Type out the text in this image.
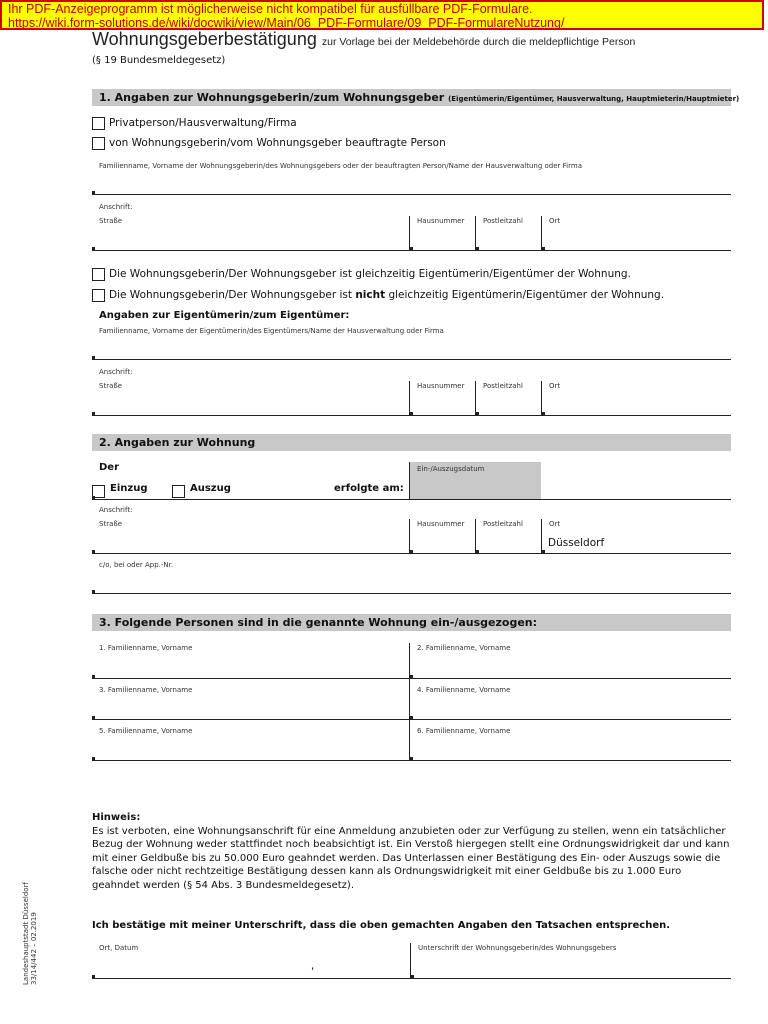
Ihr PDF-Anzeigeprogramm ist möglicherweise nicht kompatibel für ausfüllbare PDF-Formulare.
https://wiki.form-solutions.de/wiki/docwiki/view/Main/06_PDF-Formulare/09_PDF-FormulareNutzung/
Wohnungsgeberbestätigung zur Vorlage bei der Meldebehörde durch die meldepflichtige Person
(§ 19 Bundesmeldegesetz)
1. Angaben zur Wohnungsgeberin/zum Wohnungsgeber (Eigentümerin/Eigentümer, Hausverwaltung, Hauptmieterin/Hauptmieter)
Privatperson/Hausverwaltung/Firma
von Wohnungsgeberin/vom Wohnungsgeber beauftragte Person
Familienname, Vorname der Wohnungsgeberin/des Wohnungsgebers oder der beauftragten Person/Name der Hausverwaltung oder Firma
Anschrift:
Straße	Hausnummer	Postleitzahl	Ort
Die Wohnungsgeberin/Der Wohnungsgeber ist gleichzeitig Eigentümerin/Eigentümer der Wohnung.
Die Wohnungsgeberin/Der Wohnungsgeber ist nicht gleichzeitig Eigentümerin/Eigentümer der Wohnung.
Angaben zur Eigentümerin/zum Eigentümer:
Familienname, Vorname der Eigentümerin/des Eigentümers/Name der Hausverwaltung oder Firma
Anschrift:
Straße	Hausnummer	Postleitzahl	Ort
2. Angaben zur Wohnung
Der
Einzug	Auszug	erfolgte am:
Ein-/Auszugsdatum
Anschrift:
Straße	Hausnummer	Postleitzahl	Ort
Düsseldorf
c/o, bei oder App.-Nr.
3. Folgende Personen sind in die genannte Wohnung ein-/ausgezogen:
1. Familienname, Vorname	2. Familienname, Vorname
3. Familienname, Vorname	4. Familienname, Vorname
5. Familienname, Vorname	6. Familienname, Vorname
Hinweis:
Es ist verboten, eine Wohnungsanschrift für eine Anmeldung anzubieten oder zur Verfügung zu stellen, wenn ein tatsächlicher Bezug der Wohnung weder stattfindet noch beabsichtigt ist. Ein Verstoß hiergegen stellt eine Ordnungswidrigkeit dar und kann mit einer Geldbuße bis zu 50.000 Euro geahndet werden. Das Unterlassen einer Bestätigung des Ein- oder Auszugs sowie die falsche oder nicht rechtzeitige Bestätigung dessen kann als Ordnungswidrigkeit mit einer Geldbuße bis zu 1.000 Euro geahndet werden (§ 54 Abs. 3 Bundesmeldegesetz).
Ich bestätige mit meiner Unterschrift, dass die oben gemachten Angaben den Tatsachen entsprechen.
Ort, Datum	Unterschrift der Wohnungsgeberin/des Wohnungsgebers
,
Landeshauptstadt Düsseldorf 33/14/442 – 02.2019
